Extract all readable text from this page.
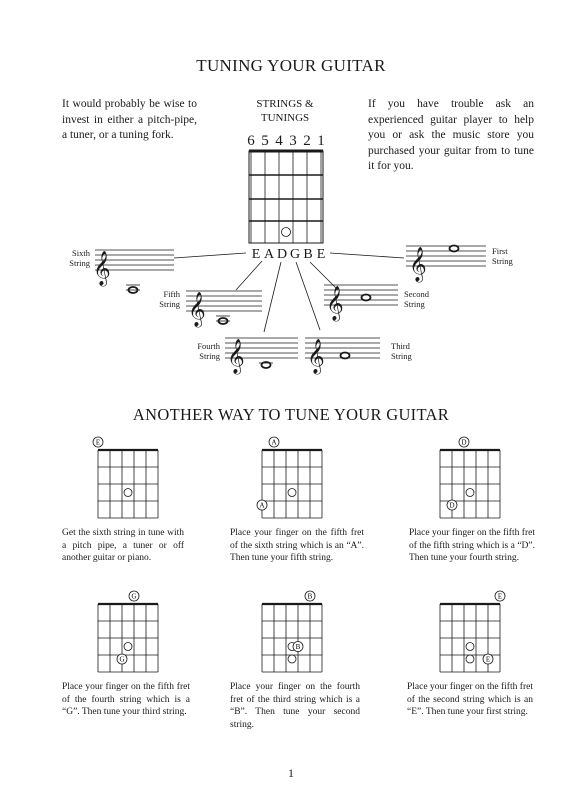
TUNING YOUR GUITAR
It would probably be wise to invest in either a pitch-pipe, a tuner, or a tuning fork.
If you have trouble ask an experienced guitar player to help you or ask the music store you purchased your guitar from to tune it for you.
STRINGS &
TUNINGS
6 5 4 3 2 1
E A D G B E
𝄞
𝄞
𝄞 𝄞
𝄞
𝄞
Sixth
String
Fifth
String
Fourth
String
Third
String
Second
String
First
String
ANOTHER WAY TO TUNE YOUR GUITAR
E	A
A
D
D
G
G
B
B
E
E
Get the sixth string in tune with a pitch pipe, a tuner or off another guitar or piano.
Place your finger on the fifth fret of the sixth string which is an “A”. Then tune your fifth string.
Place your finger on the fifth fret of the fifth string which is a “D”. Then tune your fourth string.
Place your finger on the fifth fret of the fourth string which is a “G”. Then tune your third string.
Place your finger on the fourth fret of the third string which is a “B”. Then tune your second string.
Place your finger on the fifth fret of the second string which is an “E”. Then tune your first string.
1
